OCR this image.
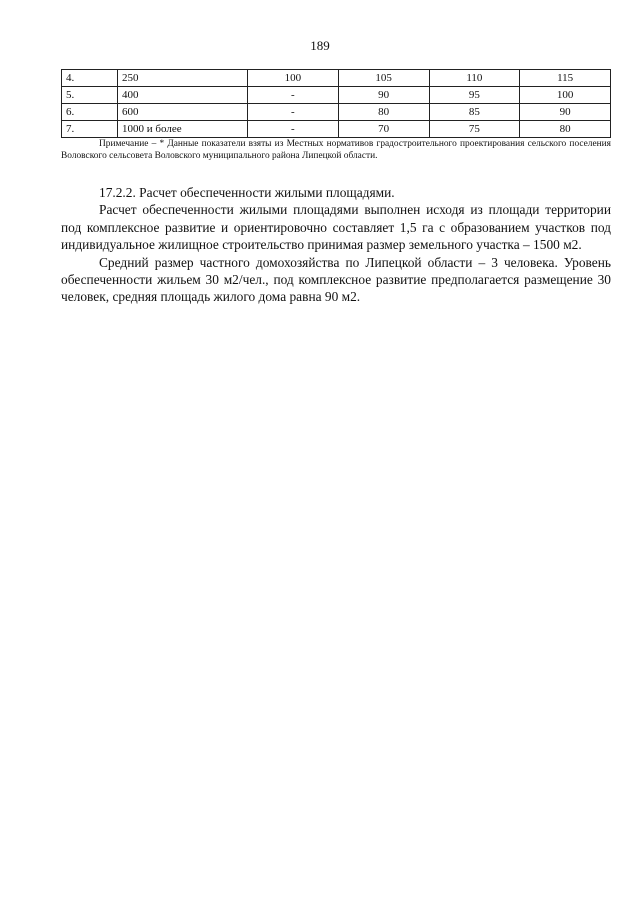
189
4.	250	100	105	110	115
5.	400	-	90	95	100
6.	600	-	80	85	90
7.	1000 и более	-	70	75	80
Примечание – * Данные показатели взяты из Местных нормативов градостроительного проектирования сельского поселения Воловского сельсовета Воловского муниципального района Липецкой области.

17.2.2. Расчет обеспеченности жилыми площадями.

Расчет обеспеченности жилыми площадями выполнен исходя из площади территории под комплексное развитие и ориентировочно составляет 1,5 га с образованием участков под индивидуальное жилищное строительство принимая размер земельного участка – 1500 м2.

Средний размер частного домохозяйства по Липецкой области – 3 человека. Уровень обеспеченности жильем 30 м2/чел., под комплексное развитие предполагается размещение 30 человек, средняя площадь жилого дома равна 90 м2.
